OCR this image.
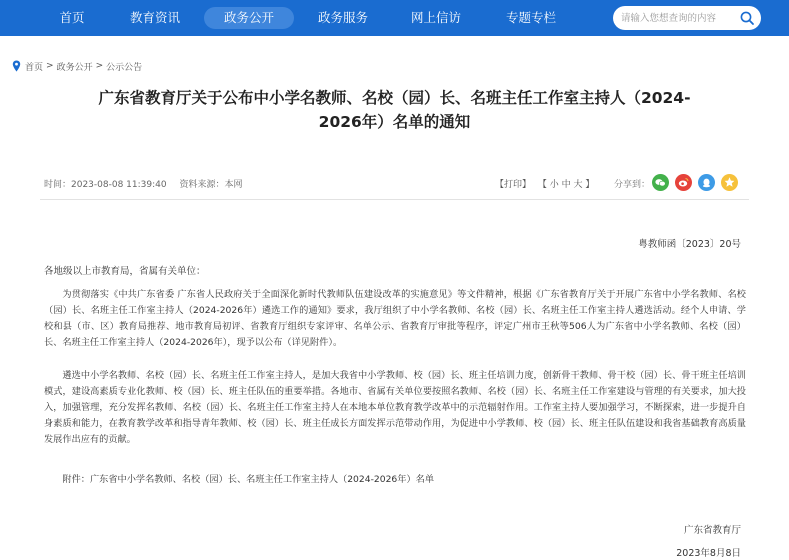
首页	教育资讯	政务公开	政务服务	网上信访	专题专栏
请输入您想查询的内容
首页 > 政务公开 > 公示公告
广东省教育厅关于公布中小学名教师、名校（园）长、名班主任工作室主持人（2024-
2026年）名单的通知
时间：2023-08-08 11:39:40 资料来源：本网	【打印】 【 小 中 大 】	分享到：
粤教师函〔2023〕20号
各地级以上市教育局，省属有关单位：
为贯彻落实《中共广东省委 广东省人民政府关于全面深化新时代教师队伍建设改革的实施意见》等文件精神，根据《广东省教育厅关于开展广东省中小学名教师、名校（园）长、名班主任工作室主持人（2024-2026年）遴选工作的通知》要求，我厅组织了中小学名教师、名校（园）长、名班主任工作室主持人遴选活动。经个人申请、学校和县（市、区）教育局推荐、地市教育局初评、省教育厅组织专家评审、名单公示、省教育厅审批等程序，评定广州市王秋等506人为广东省中小学名教师、名校（园）长、名班主任工作室主持人（2024-2026年），现予以公布（详见附件）。
遴选中小学名教师、名校（园）长、名班主任工作室主持人，是加大我省中小学教师、校（园）长、班主任培训力度，创新骨干教师、骨干校（园）长、骨干班主任培训模式，建设高素质专业化教师、校（园）长、班主任队伍的重要举措。各地市、省属有关单位要按照名教师、名校（园）长、名班主任工作室建设与管理的有关要求，加大投入，加强管理，充分发挥名教师、名校（园）长、名班主任工作室主持人在本地本单位教育教学改革中的示范辐射作用。工作室主持人要加强学习，不断探索，进一步提升自身素质和能力，在教育教学改革和指导青年教师、校（园）长、班主任成长方面发挥示范带动作用，为促进中小学教师、校（园）长、班主任队伍建设和我省基础教育高质量发展作出应有的贡献。
附件：广东省中小学名教师、名校（园）长、名班主任工作室主持人（2024-2026年）名单
广东省教育厅
2023年8月8日
